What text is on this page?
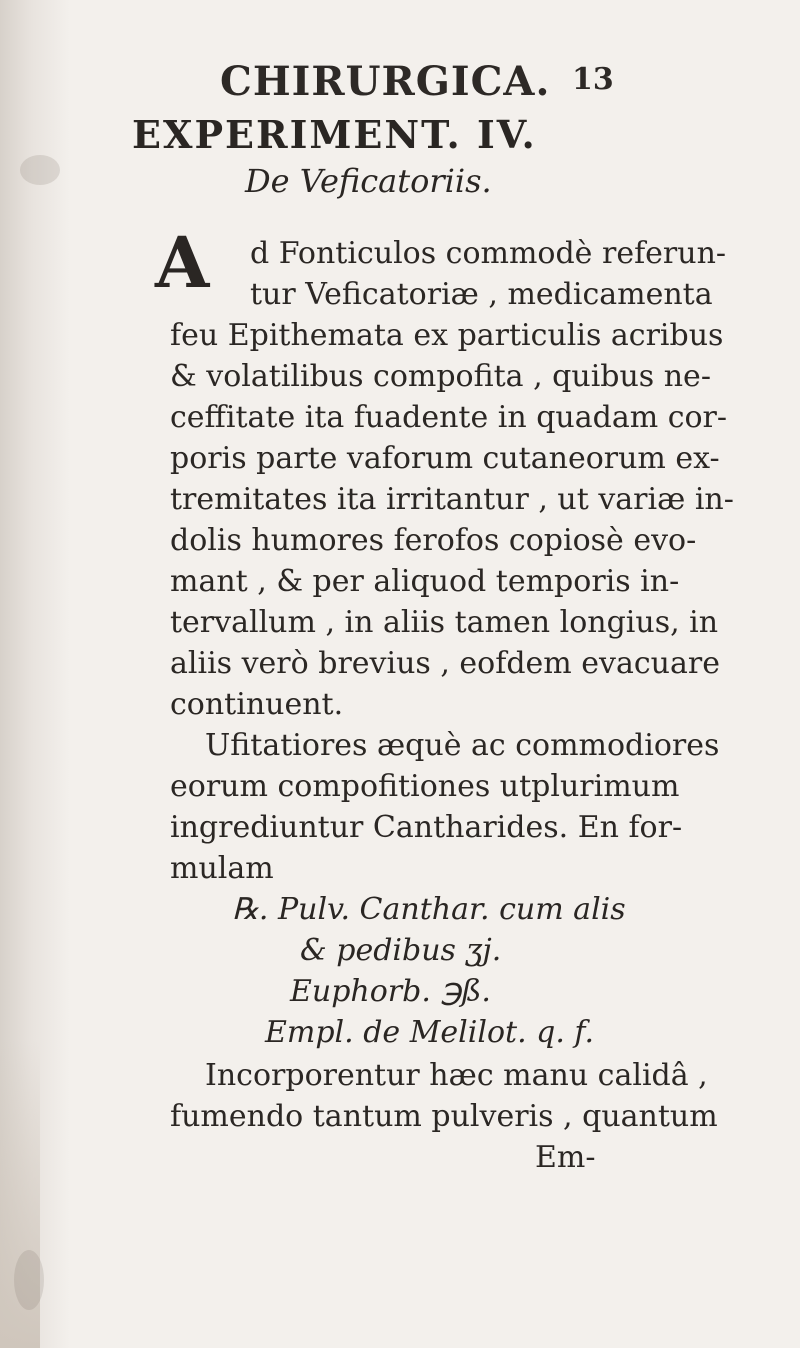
CHIRURGICA. 13
EXPERIMENT. IV.
De Veficatoriis.
A d Fonticulos commodè referun-
tur Veficatoriæ , medicamenta
feu Epithemata ex particulis acribus
& volatilibus compofita , quibus ne-
ceffitate ita fuadente in quadam cor-
poris parte vaforum cutaneorum ex-
tremitates ita irritantur , ut variæ in-
dolis humores ferofos copiosè evo-
mant , & per aliquod temporis in-
tervallum , in aliis tamen longius, in
aliis verò brevius , eofdem evacuare
continuent.
Ufitatiores æquè ac commodiores
eorum compofitiones utplurimum
ingrediuntur Cantharides. En for-
mulam
℞. Pulv. Canthar. cum alis
& pedibus ʒj.
Euphorb. ℈ß.
Empl. de Melilot. q. f.
Incorporentur hæc manu calidâ ,
fumendo tantum pulveris , quantum
Em-
